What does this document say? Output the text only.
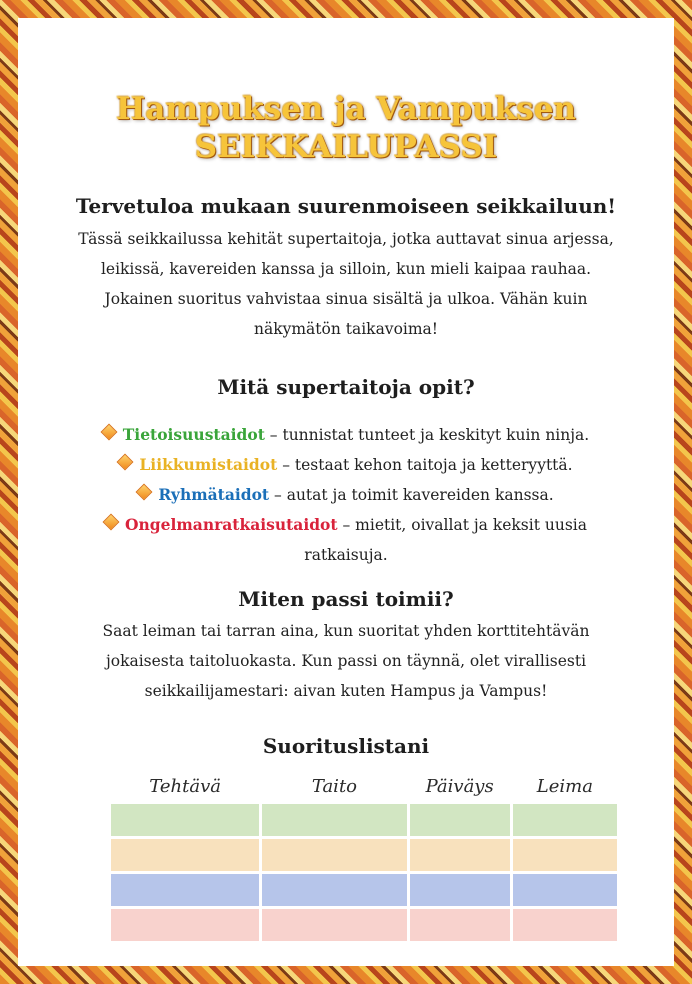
Hampuksen ja Vampuksen
SEIKKAILUPASSI
Tervetuloa mukaan suurenmoiseen seikkailuun!

Tässä seikkailussa kehität supertaitoja, jotka auttavat sinua arjessa, leikissä, kavereiden kanssa ja silloin, kun mieli kaipaa rauhaa. Jokainen suoritus vahvistaa sinua sisältä ja ulkoa. Vähän kuin näkymätön taikavoima!

Mitä supertaitoja opit?
Tietoisuustaidot – tunnistat tunteet ja keskityt kuin ninja.
Liikkumistaidot – testaat kehon taitoja ja ketteryyttä.
Ryhmätaidot – autat ja toimit kavereiden kanssa.
Ongelmanratkaisutaidot – mietit, oivallat ja keksit uusia ratkaisuja.
Miten passi toimii?

Saat leiman tai tarran aina, kun suoritat yhden korttitehtävän jokaisesta taitoluokasta. Kun passi on täynnä, olet virallisesti seikkailijamestari: aivan kuten Hampus ja Vampus!

Suorituslistani
Tehtävä	Taito	Päiväys	Leima
